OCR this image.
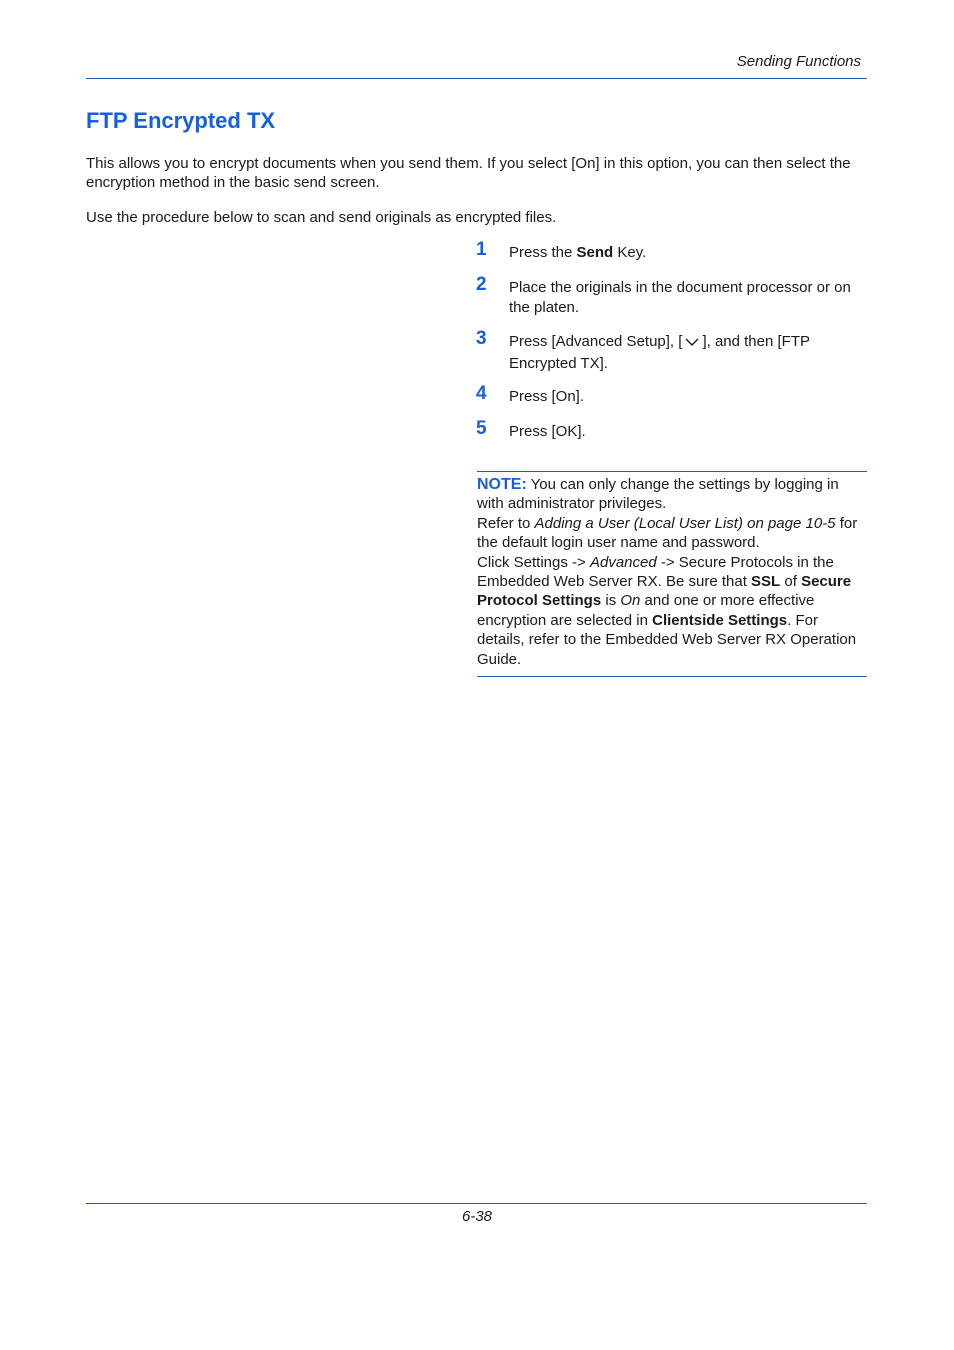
Sending Functions
FTP Encrypted TX

This allows you to encrypt documents when you send them. If you select [On] in this option, you can then select the encryption method in the basic send screen.

Use the procedure below to scan and send originals as encrypted files.

1 Press the Send Key.
2 Place the originals in the document processor or on the platen.
3 Press [Advanced Setup], [ ], and then [FTP Encrypted TX].
4 Press [On].
5 Press [OK].
NOTE: You can only change the settings by logging in with administrator privileges.
Refer to Adding a User (Local User List) on page 10-5 for the default login user name and password.
Click Settings -> Advanced -> Secure Protocols in the Embedded Web Server RX. Be sure that SSL of Secure Protocol Settings is On and one or more effective encryption are selected in Clientside Settings. For details, refer to the Embedded Web Server RX Operation Guide.
6-38
